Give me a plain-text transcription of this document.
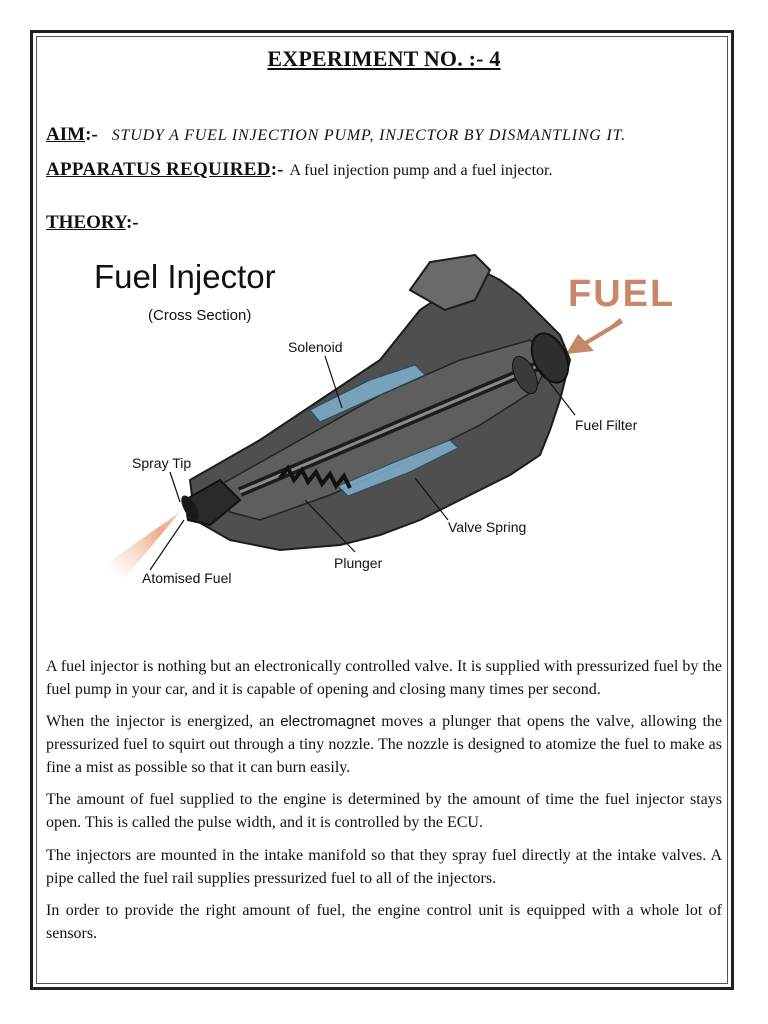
EXPERIMENT NO. :- 4
AIM:- STUDY A FUEL INJECTION PUMP, INJECTOR BY DISMANTLING IT.
APPARATUS REQUIRED:- A fuel injection pump and a fuel injector.
THEORY:-
Fuel Injector
(Cross Section)
FUEL
Solenoid
Fuel Filter
Spray Tip
Valve Spring
Plunger
Atomised Fuel

A fuel injector is nothing but an electronically controlled valve. It is supplied with pressurized fuel by the fuel pump in your car, and it is capable of opening and closing many times per second.

When the injector is energized, an electromagnet moves a plunger that opens the valve, allowing the pressurized fuel to squirt out through a tiny nozzle. The nozzle is designed to atomize the fuel to make as fine a mist as possible so that it can burn easily.

The amount of fuel supplied to the engine is determined by the amount of time the fuel injector stays open. This is called the pulse width, and it is controlled by the ECU.

The injectors are mounted in the intake manifold so that they spray fuel directly at the intake valves. A pipe called the fuel rail supplies pressurized fuel to all of the injectors.

In order to provide the right amount of fuel, the engine control unit is equipped with a whole lot of sensors.
